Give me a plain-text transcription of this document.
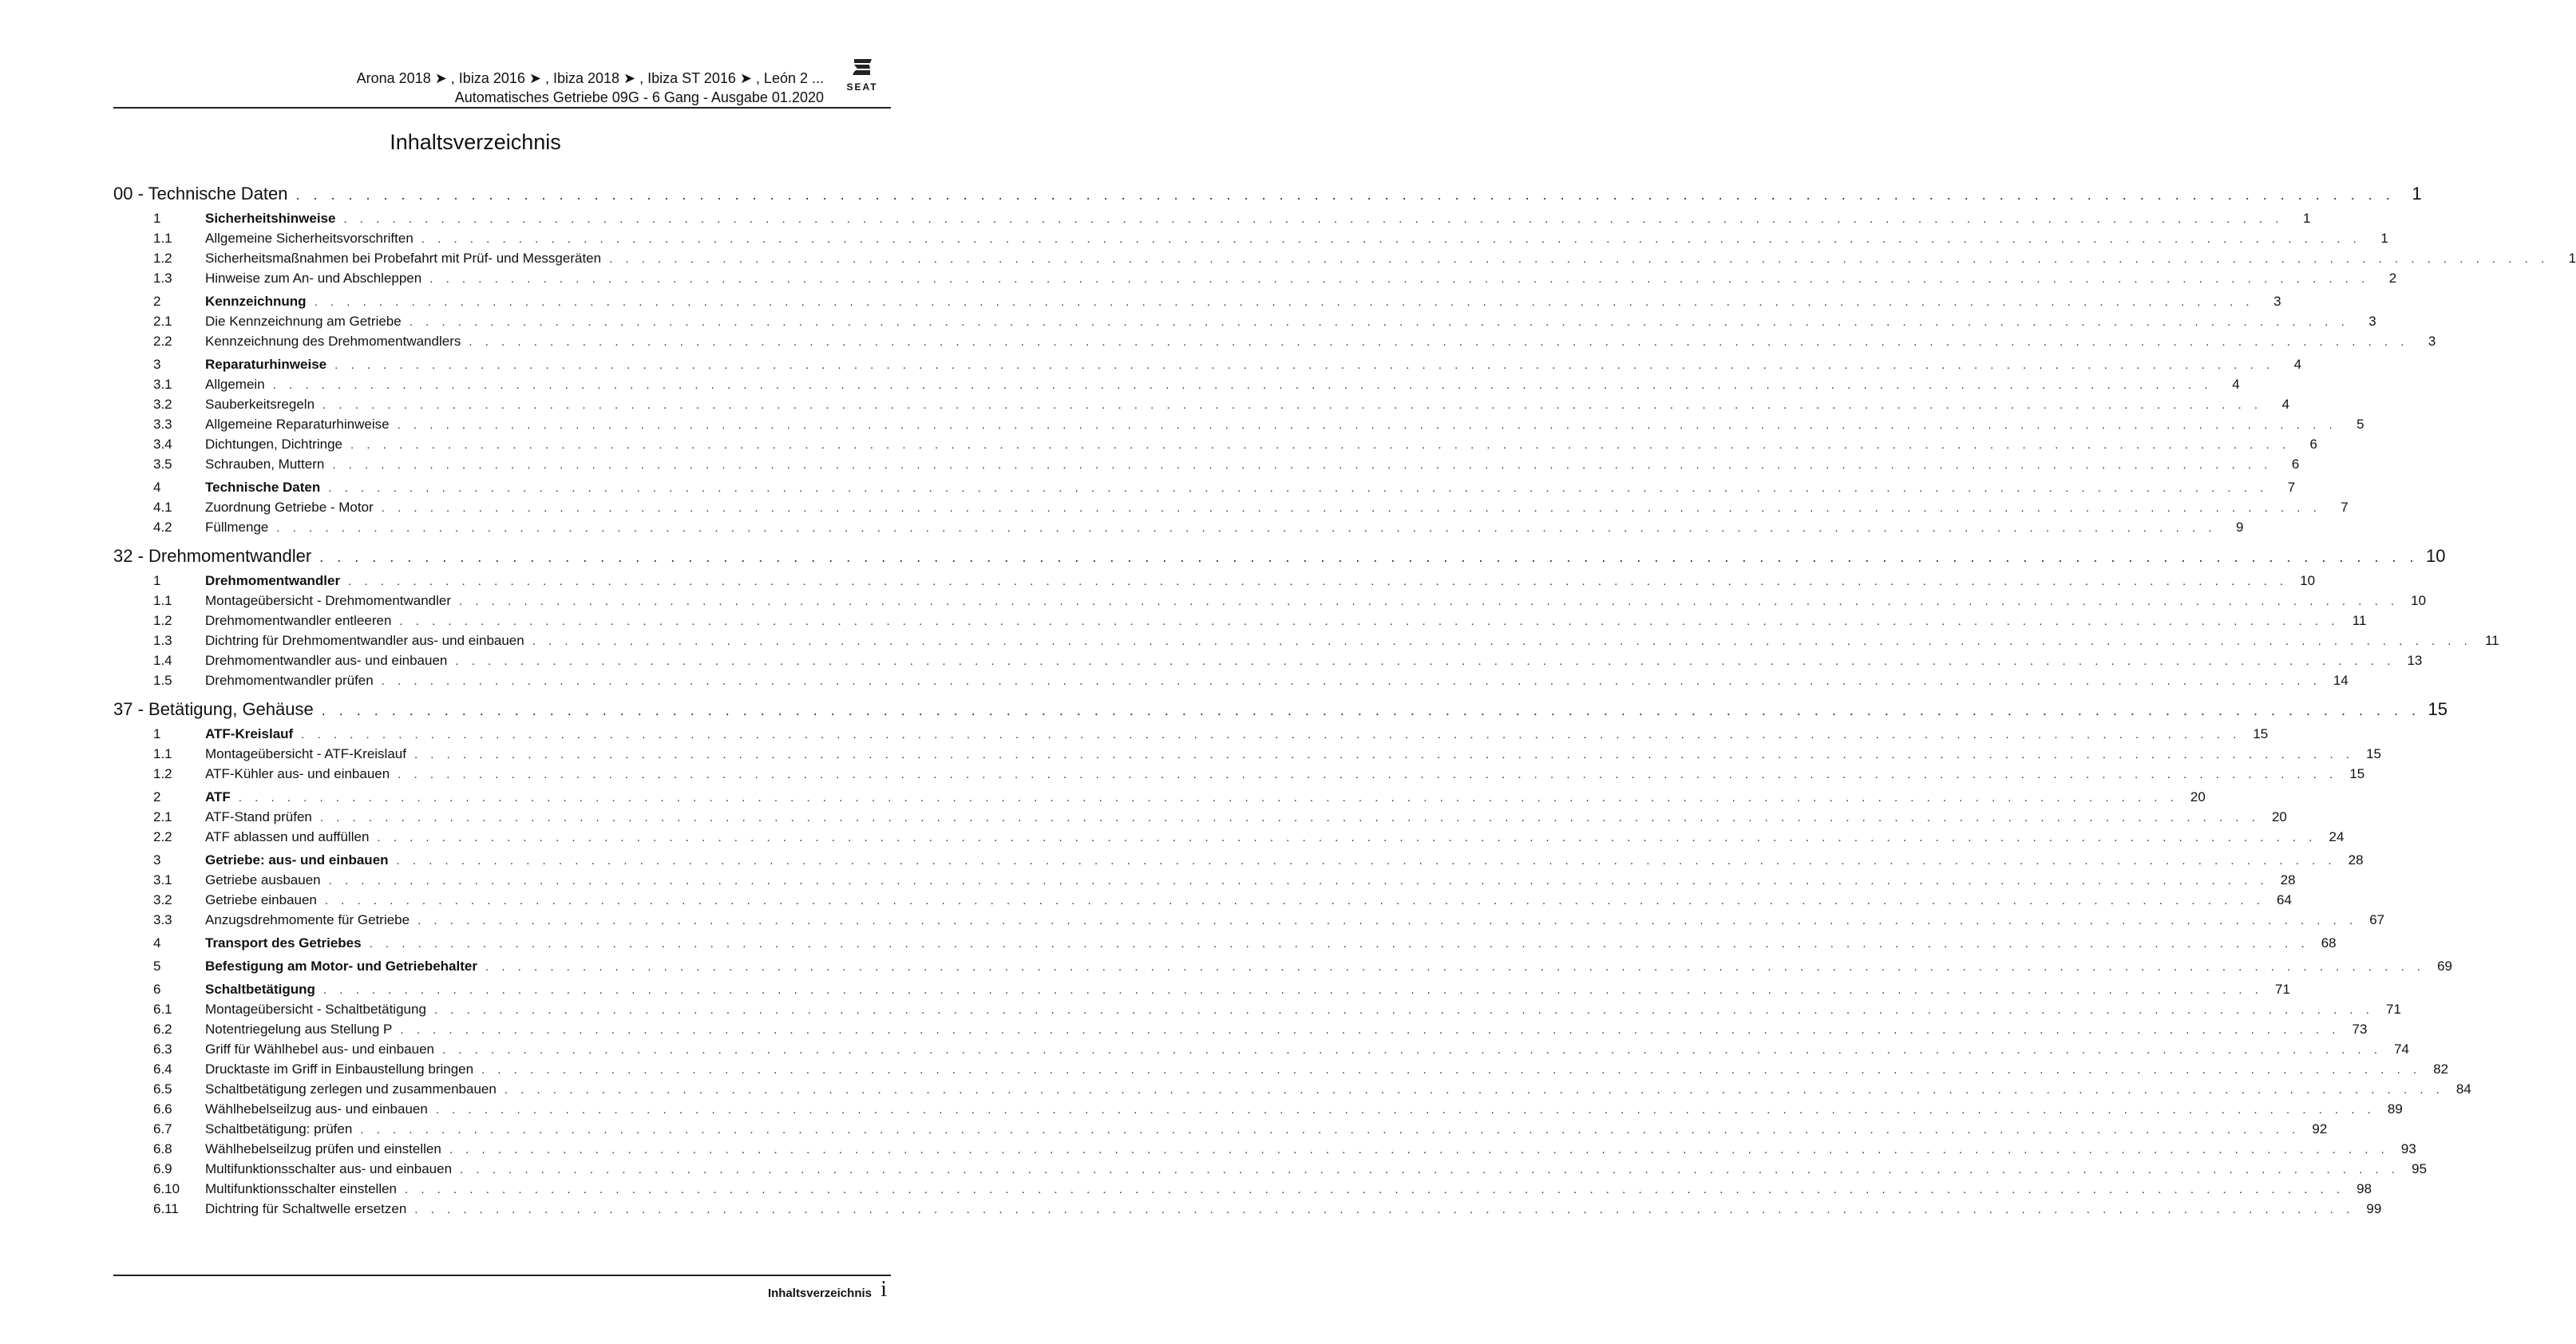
Arona 2018 ➤ , Ibiza 2016 ➤ , Ibiza 2018 ➤ , Ibiza ST 2016 ➤ , León 2 ...
Automatisches Getriebe 09G - 6 Gang - Ausgabe 01.2020
SEAT
Inhaltsverzeichnis
00 - Technische Daten . . . . . . . . . . . . . . . . . . . . . . . . . . . . . . . . . . . . . . . . . . . . . . . . . . . . . . . . . . . . . . . . . . . . . . . . . . . . . . . . . . . . . . . . . . . . . . . . . . . . . . . . . . . . . . . . . . . . . . . . 1
1	Sicherheitshinweise . . . . . . . . . . . . . . . . . . . . . . . . . . . . . . . . . . . . . . . . . . . . . . . . . . . . . . . . . . . . . . . . . . . . . . . . . . . . . . . . . . . . . . . . . . . . . . . . . . . . . . . . . . . . . . . . . . . . . . . .	1
1.1	Allgemeine Sicherheitsvorschriften . . . . . . . . . . . . . . . . . . . . . . . . . . . . . . . . . . . . . . . . . . . . . . . . . . . . . . . . . . . . . . . . . . . . . . . . . . . . . . . . . . . . . . . . . . . . . . . . . . . . . . . . . . . . . . . . . . . . . . . .	1
1.2	Sicherheitsmaßnahmen bei Probefahrt mit Prüf- und Messgeräten . . . . . . . . . . . . . . . . . . . . . . . . . . . . . . . . . . . . . . . . . . . . . . . . . . . . . . . . . . . . . . . . . . . . . . . . . . . . . . . . . . . . . . . . . . . . . . . . . . . . . . . . . . . . . . . . . . . . . . . .	1
1.3	Hinweise zum An- und Abschleppen . . . . . . . . . . . . . . . . . . . . . . . . . . . . . . . . . . . . . . . . . . . . . . . . . . . . . . . . . . . . . . . . . . . . . . . . . . . . . . . . . . . . . . . . . . . . . . . . . . . . . . . . . . . . . . . . . . . . . . . .	2
2	Kennzeichnung . . . . . . . . . . . . . . . . . . . . . . . . . . . . . . . . . . . . . . . . . . . . . . . . . . . . . . . . . . . . . . . . . . . . . . . . . . . . . . . . . . . . . . . . . . . . . . . . . . . . . . . . . . . . . . . . . . . . . . . .	3
2.1	Die Kennzeichnung am Getriebe . . . . . . . . . . . . . . . . . . . . . . . . . . . . . . . . . . . . . . . . . . . . . . . . . . . . . . . . . . . . . . . . . . . . . . . . . . . . . . . . . . . . . . . . . . . . . . . . . . . . . . . . . . . . . . . . . . . . . . . .	3
2.2	Kennzeichnung des Drehmomentwandlers . . . . . . . . . . . . . . . . . . . . . . . . . . . . . . . . . . . . . . . . . . . . . . . . . . . . . . . . . . . . . . . . . . . . . . . . . . . . . . . . . . . . . . . . . . . . . . . . . . . . . . . . . . . . . . . . . . . . . . . .	3
3	Reparaturhinweise . . . . . . . . . . . . . . . . . . . . . . . . . . . . . . . . . . . . . . . . . . . . . . . . . . . . . . . . . . . . . . . . . . . . . . . . . . . . . . . . . . . . . . . . . . . . . . . . . . . . . . . . . . . . . . . . . . . . . . . .	4
3.1	Allgemein . . . . . . . . . . . . . . . . . . . . . . . . . . . . . . . . . . . . . . . . . . . . . . . . . . . . . . . . . . . . . . . . . . . . . . . . . . . . . . . . . . . . . . . . . . . . . . . . . . . . . . . . . . . . . . . . . . . . . . . .	4
3.2	Sauberkeitsregeln . . . . . . . . . . . . . . . . . . . . . . . . . . . . . . . . . . . . . . . . . . . . . . . . . . . . . . . . . . . . . . . . . . . . . . . . . . . . . . . . . . . . . . . . . . . . . . . . . . . . . . . . . . . . . . . . . . . . . . . .	4
3.3	Allgemeine Reparaturhinweise . . . . . . . . . . . . . . . . . . . . . . . . . . . . . . . . . . . . . . . . . . . . . . . . . . . . . . . . . . . . . . . . . . . . . . . . . . . . . . . . . . . . . . . . . . . . . . . . . . . . . . . . . . . . . . . . . . . . . . . .	5
3.4	Dichtungen, Dichtringe . . . . . . . . . . . . . . . . . . . . . . . . . . . . . . . . . . . . . . . . . . . . . . . . . . . . . . . . . . . . . . . . . . . . . . . . . . . . . . . . . . . . . . . . . . . . . . . . . . . . . . . . . . . . . . . . . . . . . . . .	6
3.5	Schrauben, Muttern . . . . . . . . . . . . . . . . . . . . . . . . . . . . . . . . . . . . . . . . . . . . . . . . . . . . . . . . . . . . . . . . . . . . . . . . . . . . . . . . . . . . . . . . . . . . . . . . . . . . . . . . . . . . . . . . . . . . . . . .	6
4	Technische Daten . . . . . . . . . . . . . . . . . . . . . . . . . . . . . . . . . . . . . . . . . . . . . . . . . . . . . . . . . . . . . . . . . . . . . . . . . . . . . . . . . . . . . . . . . . . . . . . . . . . . . . . . . . . . . . . . . . . . . . . .	7
4.1	Zuordnung Getriebe - Motor . . . . . . . . . . . . . . . . . . . . . . . . . . . . . . . . . . . . . . . . . . . . . . . . . . . . . . . . . . . . . . . . . . . . . . . . . . . . . . . . . . . . . . . . . . . . . . . . . . . . . . . . . . . . . . . . . . . . . . . .	7
4.2	Füllmenge . . . . . . . . . . . . . . . . . . . . . . . . . . . . . . . . . . . . . . . . . . . . . . . . . . . . . . . . . . . . . . . . . . . . . . . . . . . . . . . . . . . . . . . . . . . . . . . . . . . . . . . . . . . . . . . . . . . . . . . .	9
32 - Drehmomentwandler . . . . . . . . . . . . . . . . . . . . . . . . . . . . . . . . . . . . . . . . . . . . . . . . . . . . . . . . . . . . . . . . . . . . . . . . . . . . . . . . . . . . . . . . . . . . . . . . . . . . . . . . . . . . . . . . . . . . . . . . 10
1	Drehmomentwandler . . . . . . . . . . . . . . . . . . . . . . . . . . . . . . . . . . . . . . . . . . . . . . . . . . . . . . . . . . . . . . . . . . . . . . . . . . . . . . . . . . . . . . . . . . . . . . . . . . . . . . . . . . . . . . . . . . . . . . . . 10
1.1	Montageübersicht - Drehmomentwandler . . . . . . . . . . . . . . . . . . . . . . . . . . . . . . . . . . . . . . . . . . . . . . . . . . . . . . . . . . . . . . . . . . . . . . . . . . . . . . . . . . . . . . . . . . . . . . . . . . . . . . . . . . . . . . . . . . . . . . . . 10
1.2	Drehmomentwandler entleeren . . . . . . . . . . . . . . . . . . . . . . . . . . . . . . . . . . . . . . . . . . . . . . . . . . . . . . . . . . . . . . . . . . . . . . . . . . . . . . . . . . . . . . . . . . . . . . . . . . . . . . . . . . . . . . . . . . . . . . . . 11
1.3	Dichtring für Drehmomentwandler aus- und einbauen . . . . . . . . . . . . . . . . . . . . . . . . . . . . . . . . . . . . . . . . . . . . . . . . . . . . . . . . . . . . . . . . . . . . . . . . . . . . . . . . . . . . . . . . . . . . . . . . . . . . . . . . . . . . . . . . . . . . . . . . 11
1.4	Drehmomentwandler aus- und einbauen . . . . . . . . . . . . . . . . . . . . . . . . . . . . . . . . . . . . . . . . . . . . . . . . . . . . . . . . . . . . . . . . . . . . . . . . . . . . . . . . . . . . . . . . . . . . . . . . . . . . . . . . . . . . . . . . . . . . . . . . 13
1.5	Drehmomentwandler prüfen . . . . . . . . . . . . . . . . . . . . . . . . . . . . . . . . . . . . . . . . . . . . . . . . . . . . . . . . . . . . . . . . . . . . . . . . . . . . . . . . . . . . . . . . . . . . . . . . . . . . . . . . . . . . . . . . . . . . . . . . 14
37 - Betätigung, Gehäuse . . . . . . . . . . . . . . . . . . . . . . . . . . . . . . . . . . . . . . . . . . . . . . . . . . . . . . . . . . . . . . . . . . . . . . . . . . . . . . . . . . . . . . . . . . . . . . . . . . . . . . . . . . . . . . . . . . . . . . . . 15
1	ATF-Kreislauf . . . . . . . . . . . . . . . . . . . . . . . . . . . . . . . . . . . . . . . . . . . . . . . . . . . . . . . . . . . . . . . . . . . . . . . . . . . . . . . . . . . . . . . . . . . . . . . . . . . . . . . . . . . . . . . . . . . . . . . . 15
1.1	Montageübersicht - ATF-Kreislauf . . . . . . . . . . . . . . . . . . . . . . . . . . . . . . . . . . . . . . . . . . . . . . . . . . . . . . . . . . . . . . . . . . . . . . . . . . . . . . . . . . . . . . . . . . . . . . . . . . . . . . . . . . . . . . . . . . . . . . . . 15
1.2	ATF-Kühler aus- und einbauen . . . . . . . . . . . . . . . . . . . . . . . . . . . . . . . . . . . . . . . . . . . . . . . . . . . . . . . . . . . . . . . . . . . . . . . . . . . . . . . . . . . . . . . . . . . . . . . . . . . . . . . . . . . . . . . . . . . . . . . . 15
2	ATF . . . . . . . . . . . . . . . . . . . . . . . . . . . . . . . . . . . . . . . . . . . . . . . . . . . . . . . . . . . . . . . . . . . . . . . . . . . . . . . . . . . . . . . . . . . . . . . . . . . . . . . . . . . . . . . . . . . . . . . . 20
2.1	ATF-Stand prüfen . . . . . . . . . . . . . . . . . . . . . . . . . . . . . . . . . . . . . . . . . . . . . . . . . . . . . . . . . . . . . . . . . . . . . . . . . . . . . . . . . . . . . . . . . . . . . . . . . . . . . . . . . . . . . . . . . . . . . . . . 20
2.2	ATF ablassen und auffüllen . . . . . . . . . . . . . . . . . . . . . . . . . . . . . . . . . . . . . . . . . . . . . . . . . . . . . . . . . . . . . . . . . . . . . . . . . . . . . . . . . . . . . . . . . . . . . . . . . . . . . . . . . . . . . . . . . . . . . . . . 24
3	Getriebe: aus- und einbauen . . . . . . . . . . . . . . . . . . . . . . . . . . . . . . . . . . . . . . . . . . . . . . . . . . . . . . . . . . . . . . . . . . . . . . . . . . . . . . . . . . . . . . . . . . . . . . . . . . . . . . . . . . . . . . . . . . . . . . . . 28
3.1	Getriebe ausbauen . . . . . . . . . . . . . . . . . . . . . . . . . . . . . . . . . . . . . . . . . . . . . . . . . . . . . . . . . . . . . . . . . . . . . . . . . . . . . . . . . . . . . . . . . . . . . . . . . . . . . . . . . . . . . . . . . . . . . . . . 28
3.2	Getriebe einbauen . . . . . . . . . . . . . . . . . . . . . . . . . . . . . . . . . . . . . . . . . . . . . . . . . . . . . . . . . . . . . . . . . . . . . . . . . . . . . . . . . . . . . . . . . . . . . . . . . . . . . . . . . . . . . . . . . . . . . . . . 64
3.3	Anzugsdrehmomente für Getriebe . . . . . . . . . . . . . . . . . . . . . . . . . . . . . . . . . . . . . . . . . . . . . . . . . . . . . . . . . . . . . . . . . . . . . . . . . . . . . . . . . . . . . . . . . . . . . . . . . . . . . . . . . . . . . . . . . . . . . . . . 67
4	Transport des Getriebes . . . . . . . . . . . . . . . . . . . . . . . . . . . . . . . . . . . . . . . . . . . . . . . . . . . . . . . . . . . . . . . . . . . . . . . . . . . . . . . . . . . . . . . . . . . . . . . . . . . . . . . . . . . . . . . . . . . . . . . . 68
5	Befestigung am Motor- und Getriebehalter . . . . . . . . . . . . . . . . . . . . . . . . . . . . . . . . . . . . . . . . . . . . . . . . . . . . . . . . . . . . . . . . . . . . . . . . . . . . . . . . . . . . . . . . . . . . . . . . . . . . . . . . . . . . . . . . . . . . . . . . 69
6	Schaltbetätigung . . . . . . . . . . . . . . . . . . . . . . . . . . . . . . . . . . . . . . . . . . . . . . . . . . . . . . . . . . . . . . . . . . . . . . . . . . . . . . . . . . . . . . . . . . . . . . . . . . . . . . . . . . . . . . . . . . . . . . . . 71
6.1	Montageübersicht - Schaltbetätigung . . . . . . . . . . . . . . . . . . . . . . . . . . . . . . . . . . . . . . . . . . . . . . . . . . . . . . . . . . . . . . . . . . . . . . . . . . . . . . . . . . . . . . . . . . . . . . . . . . . . . . . . . . . . . . . . . . . . . . . . 71
6.2	Notentriegelung aus Stellung P . . . . . . . . . . . . . . . . . . . . . . . . . . . . . . . . . . . . . . . . . . . . . . . . . . . . . . . . . . . . . . . . . . . . . . . . . . . . . . . . . . . . . . . . . . . . . . . . . . . . . . . . . . . . . . . . . . . . . . . . 73
6.3	Griff für Wählhebel aus- und einbauen . . . . . . . . . . . . . . . . . . . . . . . . . . . . . . . . . . . . . . . . . . . . . . . . . . . . . . . . . . . . . . . . . . . . . . . . . . . . . . . . . . . . . . . . . . . . . . . . . . . . . . . . . . . . . . . . . . . . . . . . 74
6.4	Drucktaste im Griff in Einbaustellung bringen . . . . . . . . . . . . . . . . . . . . . . . . . . . . . . . . . . . . . . . . . . . . . . . . . . . . . . . . . . . . . . . . . . . . . . . . . . . . . . . . . . . . . . . . . . . . . . . . . . . . . . . . . . . . . . . . . . . . . . . . 82
6.5	Schaltbetätigung zerlegen und zusammenbauen . . . . . . . . . . . . . . . . . . . . . . . . . . . . . . . . . . . . . . . . . . . . . . . . . . . . . . . . . . . . . . . . . . . . . . . . . . . . . . . . . . . . . . . . . . . . . . . . . . . . . . . . . . . . . . . . . . . . . . . . 84
6.6	Wählhebelseilzug aus- und einbauen . . . . . . . . . . . . . . . . . . . . . . . . . . . . . . . . . . . . . . . . . . . . . . . . . . . . . . . . . . . . . . . . . . . . . . . . . . . . . . . . . . . . . . . . . . . . . . . . . . . . . . . . . . . . . . . . . . . . . . . . 89
6.7	Schaltbetätigung: prüfen . . . . . . . . . . . . . . . . . . . . . . . . . . . . . . . . . . . . . . . . . . . . . . . . . . . . . . . . . . . . . . . . . . . . . . . . . . . . . . . . . . . . . . . . . . . . . . . . . . . . . . . . . . . . . . . . . . . . . . . . 92
6.8	Wählhebelseilzug prüfen und einstellen . . . . . . . . . . . . . . . . . . . . . . . . . . . . . . . . . . . . . . . . . . . . . . . . . . . . . . . . . . . . . . . . . . . . . . . . . . . . . . . . . . . . . . . . . . . . . . . . . . . . . . . . . . . . . . . . . . . . . . . . 93
6.9	Multifunktionsschalter aus- und einbauen . . . . . . . . . . . . . . . . . . . . . . . . . . . . . . . . . . . . . . . . . . . . . . . . . . . . . . . . . . . . . . . . . . . . . . . . . . . . . . . . . . . . . . . . . . . . . . . . . . . . . . . . . . . . . . . . . . . . . . . . 95
6.10	Multifunktionsschalter einstellen . . . . . . . . . . . . . . . . . . . . . . . . . . . . . . . . . . . . . . . . . . . . . . . . . . . . . . . . . . . . . . . . . . . . . . . . . . . . . . . . . . . . . . . . . . . . . . . . . . . . . . . . . . . . . . . . . . . . . . . . 98
6.11	Dichtring für Schaltwelle ersetzen . . . . . . . . . . . . . . . . . . . . . . . . . . . . . . . . . . . . . . . . . . . . . . . . . . . . . . . . . . . . . . . . . . . . . . . . . . . . . . . . . . . . . . . . . . . . . . . . . . . . . . . . . . . . . . . . . . . . . . . . 99
Inhaltsverzeichnis i
